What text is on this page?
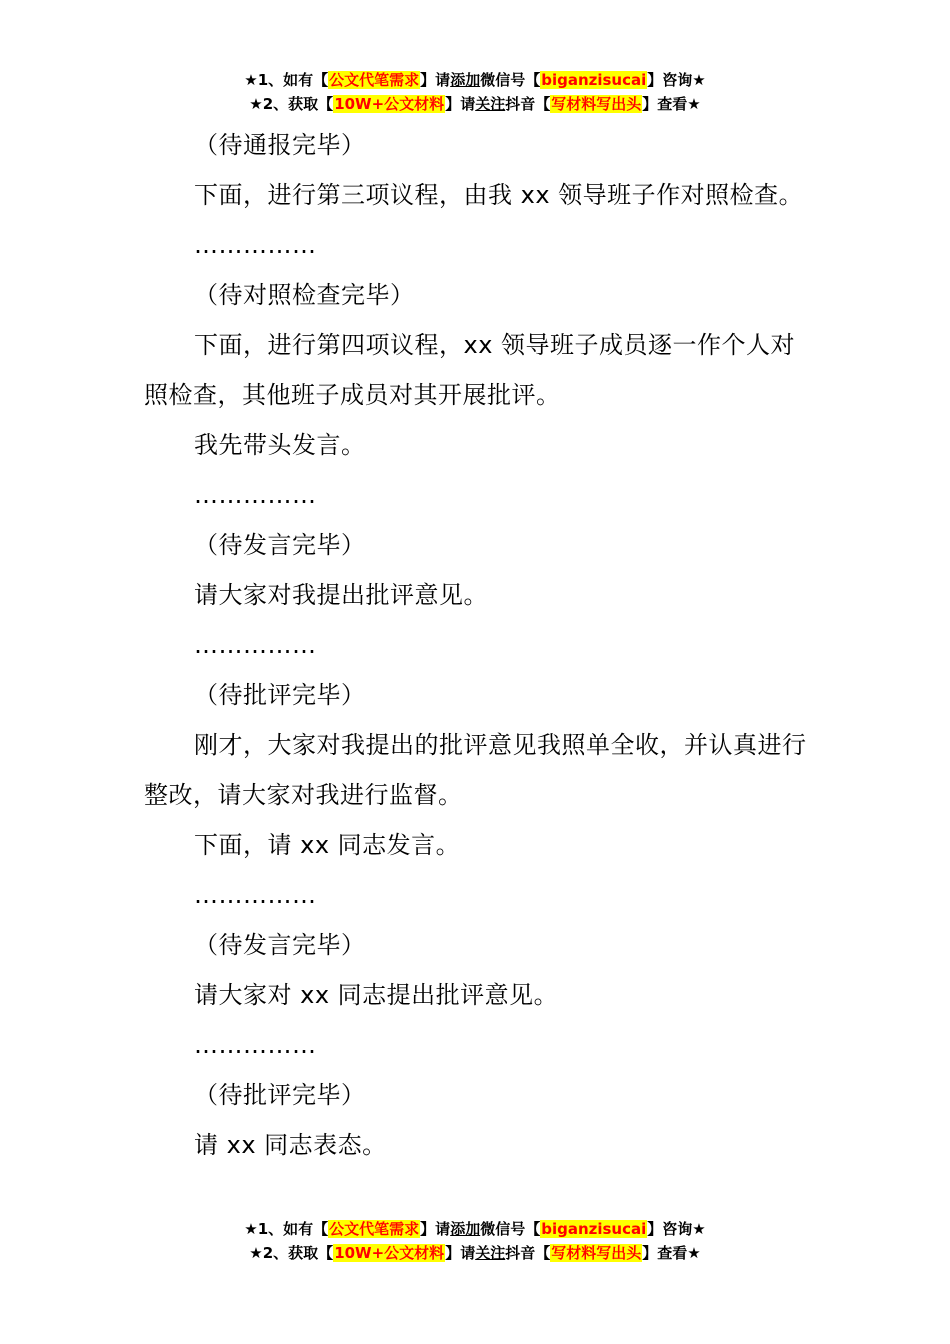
★1、如有【公文代笔需求】请添加微信号【biganzisucai】咨询★
★2、获取【10W+公文材料】请关注抖音【写材料写出头】查看★

（待通报完毕）

下面，进行第三项议程，由我 xx 领导班子作对照检查。

……………

（待对照检查完毕）

下面，进行第四项议程，xx 领导班子成员逐一作个人对照检查，其他班子成员对其开展批评。

我先带头发言。

……………

（待发言完毕）

请大家对我提出批评意见。

……………

（待批评完毕）

刚才，大家对我提出的批评意见我照单全收，并认真进行整改，请大家对我进行监督。

下面，请 xx 同志发言。

……………

（待发言完毕）

请大家对 xx 同志提出批评意见。

……………

（待批评完毕）

请 xx 同志表态。

★1、如有【公文代笔需求】请添加微信号【biganzisucai】咨询★
★2、获取【10W+公文材料】请关注抖音【写材料写出头】查看★
